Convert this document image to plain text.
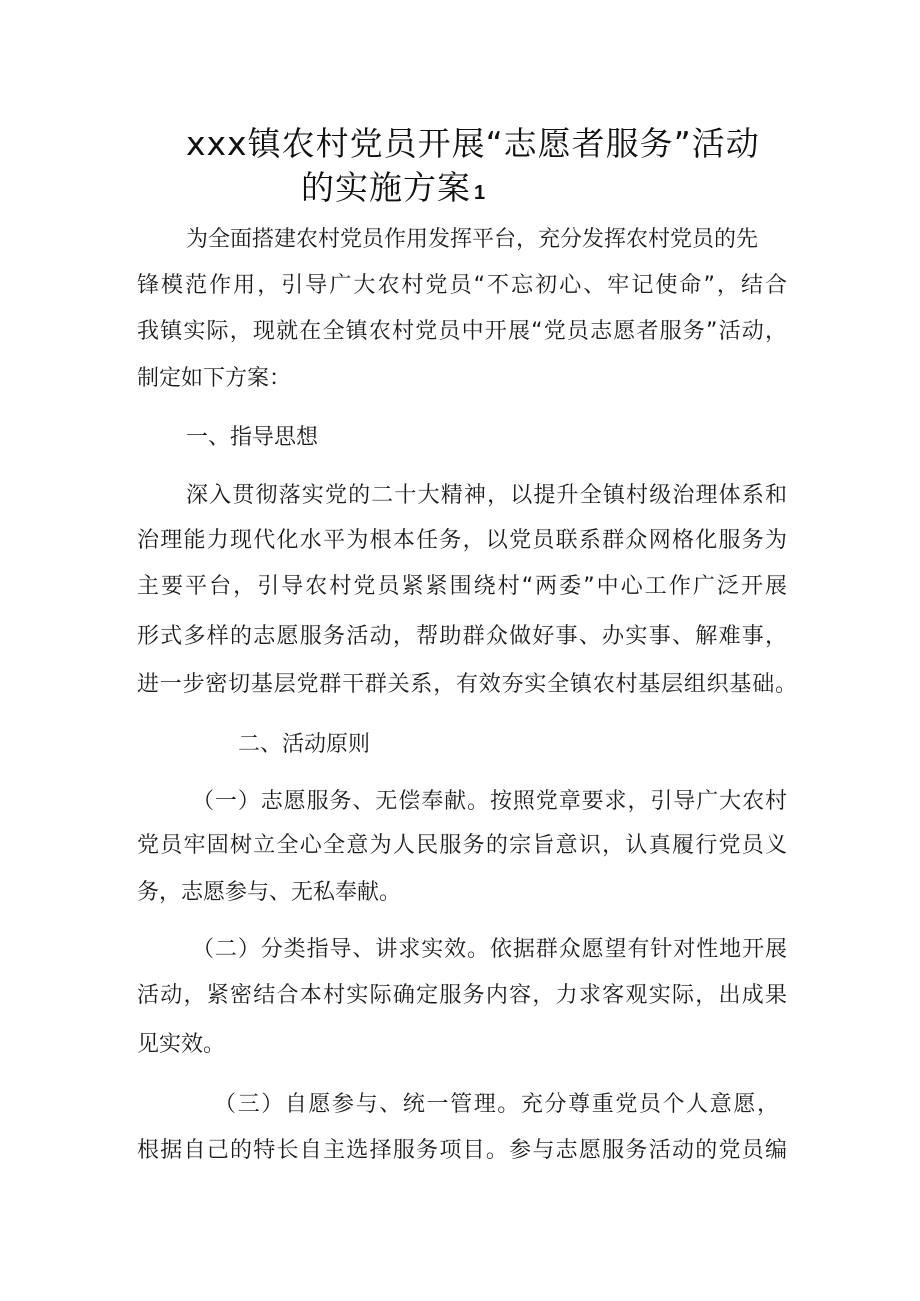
xxx镇农村党员开展“志愿者服务”活动
的实施方案 1
为全面搭建农村党员作用发挥平台，充分发挥农村党员的先
锋模范作用，引导广大农村党员“不忘初心、牢记使命”，结合
我镇实际，现就在全镇农村党员中开展“党员志愿者服务”活动，
制定如下方案：
一、指导思想
深入贯彻落实党的二十大精神，以提升全镇村级治理体系和
治理能力现代化水平为根本任务，以党员联系群众网格化服务为
主要平台，引导农村党员紧紧围绕村“两委”中心工作广泛开展
形式多样的志愿服务活动，帮助群众做好事、办实事、解难事，
进一步密切基层党群干群关系，有效夯实全镇农村基层组织基础。
二、活动原则
（一）志愿服务、无偿奉献。按照党章要求，引导广大农村
党员牢固树立全心全意为人民服务的宗旨意识，认真履行党员义
务，志愿参与、无私奉献。
（二）分类指导、讲求实效。依据群众愿望有针对性地开展
活动，紧密结合本村实际确定服务内容，力求客观实际，出成果
见实效。
（三）自愿参与、统一管理。充分尊重党员个人意愿，
根据自己的特长自主选择服务项目。参与志愿服务活动的党员编
